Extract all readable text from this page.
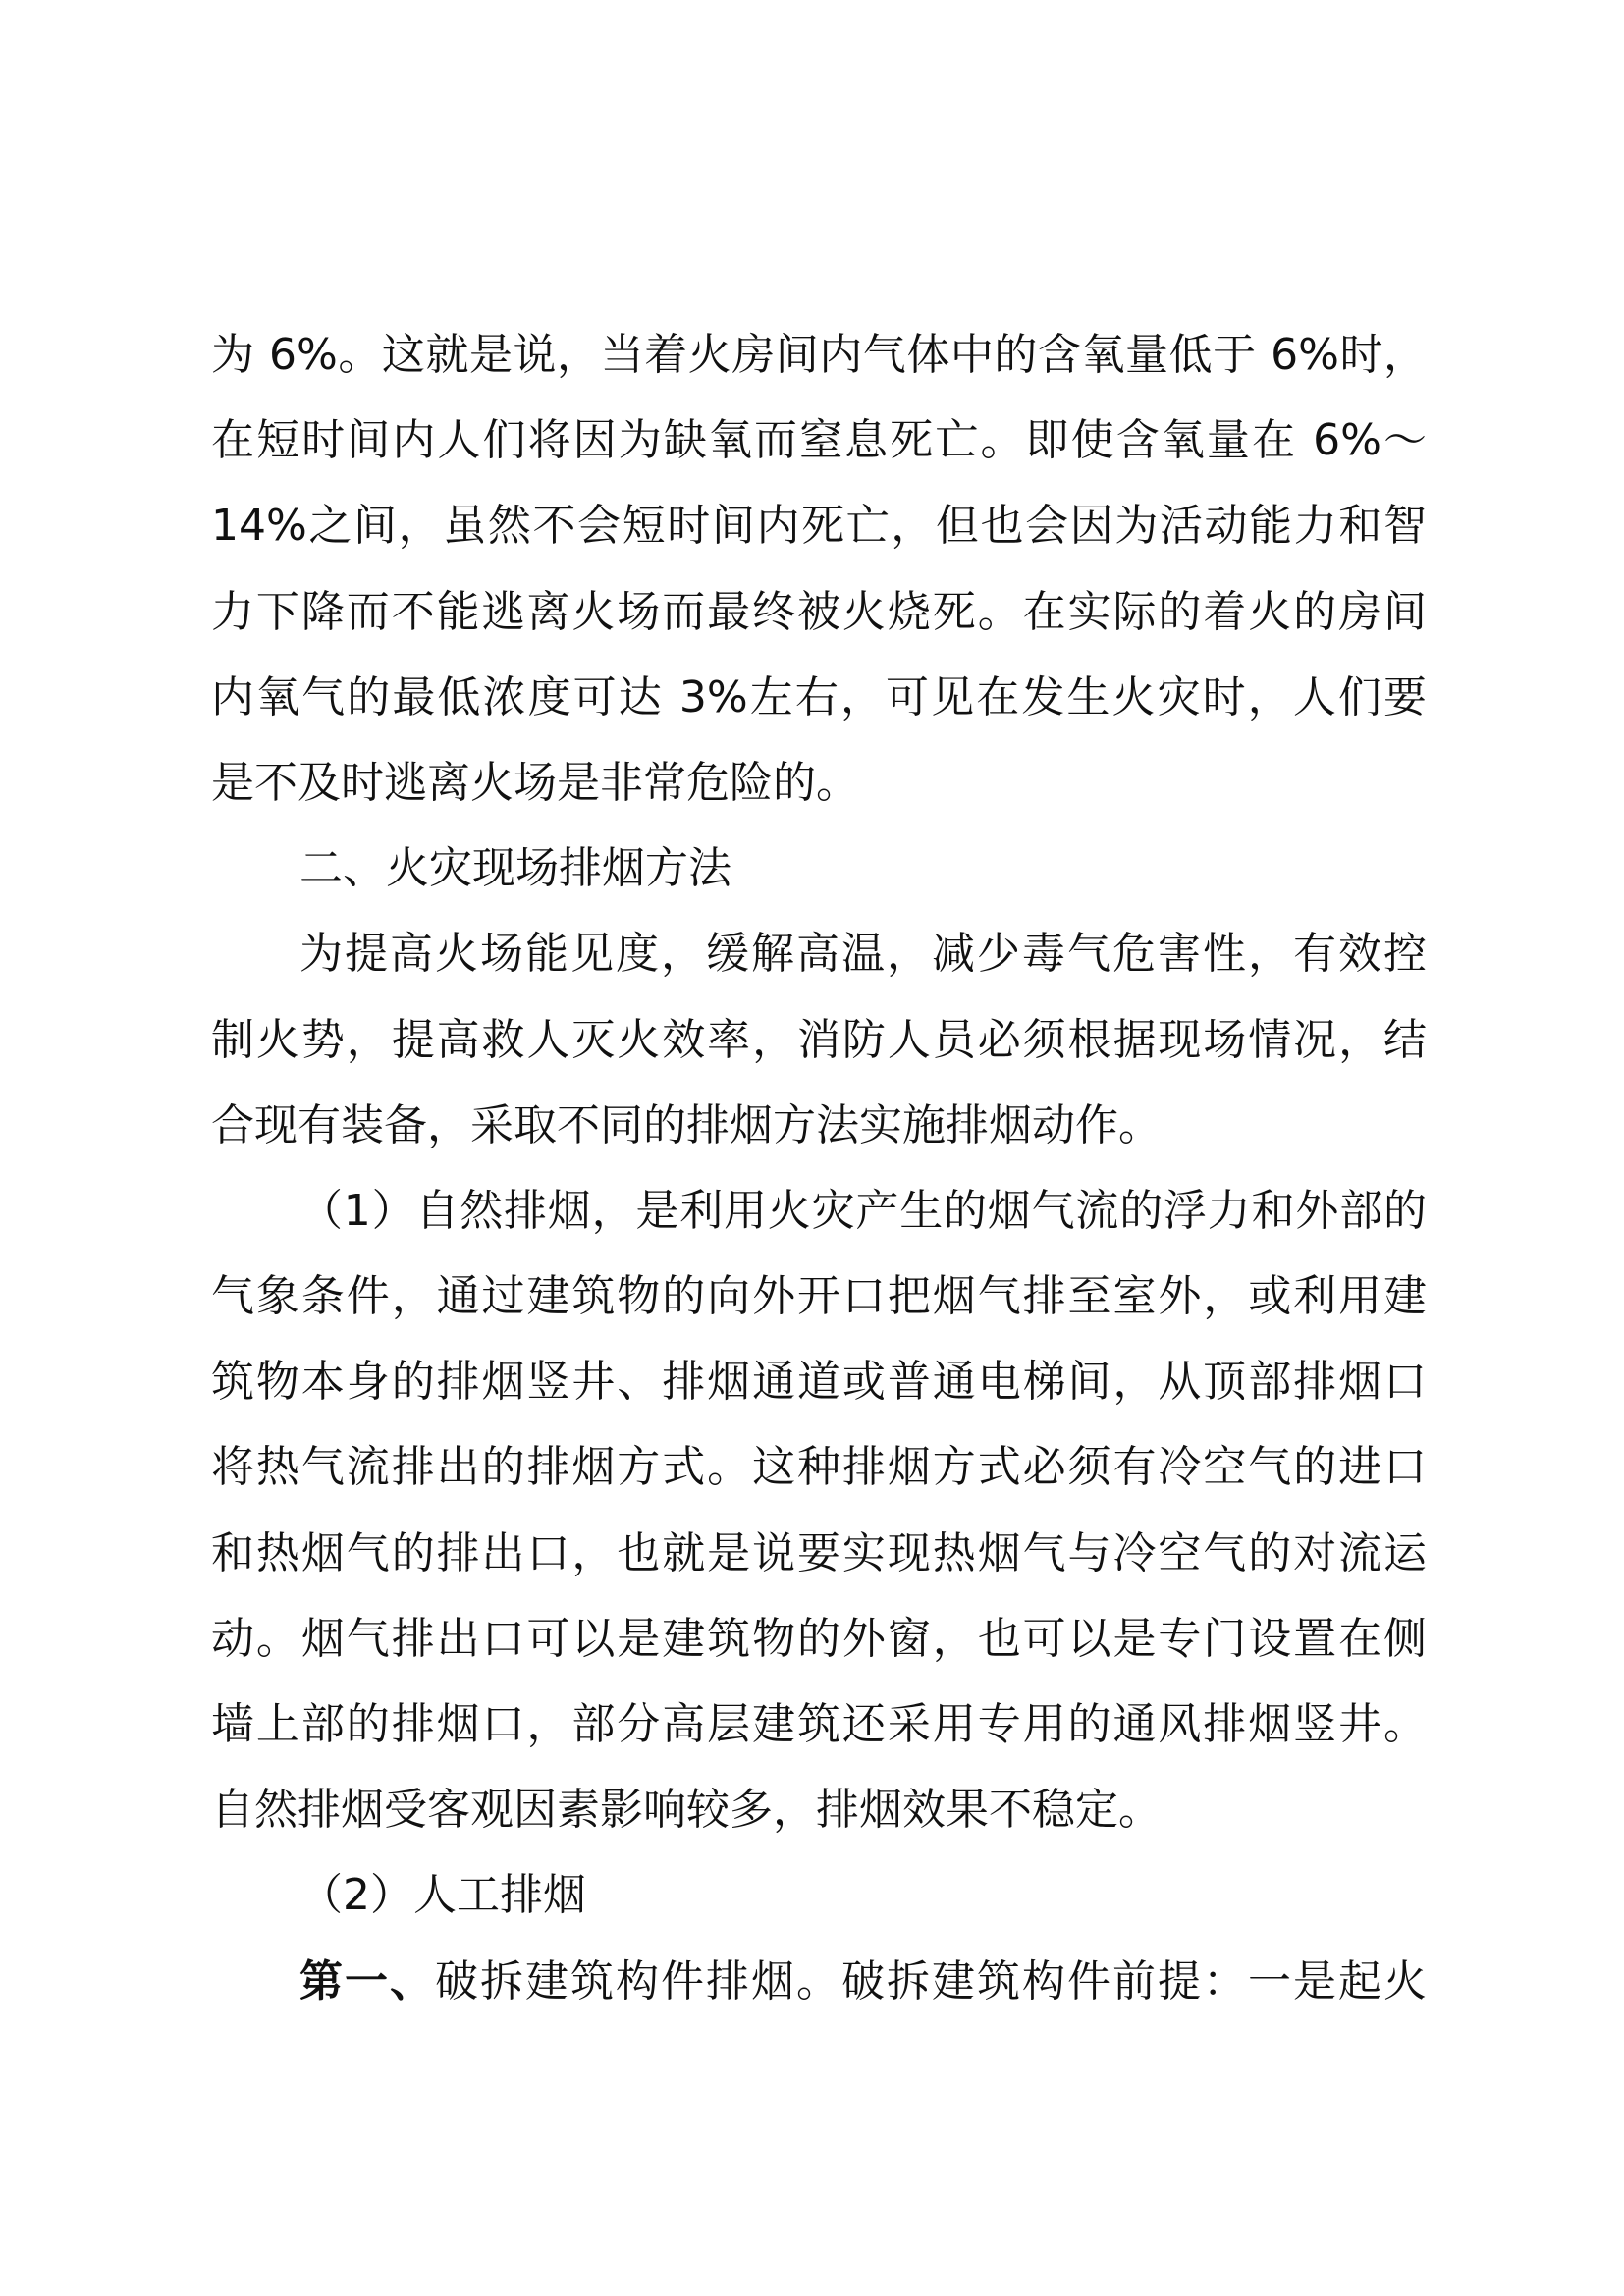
为 6%。这就是说，当着火房间内气体中的含氧量低于 6%时，
在短时间内人们将因为缺氧而窒息死亡。即使含氧量在 6%～
14%之间，虽然不会短时间内死亡，但也会因为活动能力和智
力下降而不能逃离火场而最终被火烧死。在实际的着火的房间
内氧气的最低浓度可达 3%左右，可见在发生火灾时，人们要
是不及时逃离火场是非常危险的。
二、火灾现场排烟方法
为提高火场能见度，缓解高温，减少毒气危害性，有效控
制火势，提高救人灭火效率，消防人员必须根据现场情况，结
合现有装备，采取不同的排烟方法实施排烟动作。
（1）自然排烟，是利用火灾产生的烟气流的浮力和外部的
气象条件，通过建筑物的向外开口把烟气排至室外，或利用建
筑物本身的排烟竖井、排烟通道或普通电梯间，从顶部排烟口
将热气流排出的排烟方式。这种排烟方式必须有冷空气的进口
和热烟气的排出口，也就是说要实现热烟气与冷空气的对流运
动。烟气排出口可以是建筑物的外窗，也可以是专门设置在侧
墙上部的排烟口，部分高层建筑还采用专用的通风排烟竖井。
自然排烟受客观因素影响较多，排烟效果不稳定。
（2）人工排烟
第一、破拆建筑构件排烟。破拆建筑构件前提：一是起火
